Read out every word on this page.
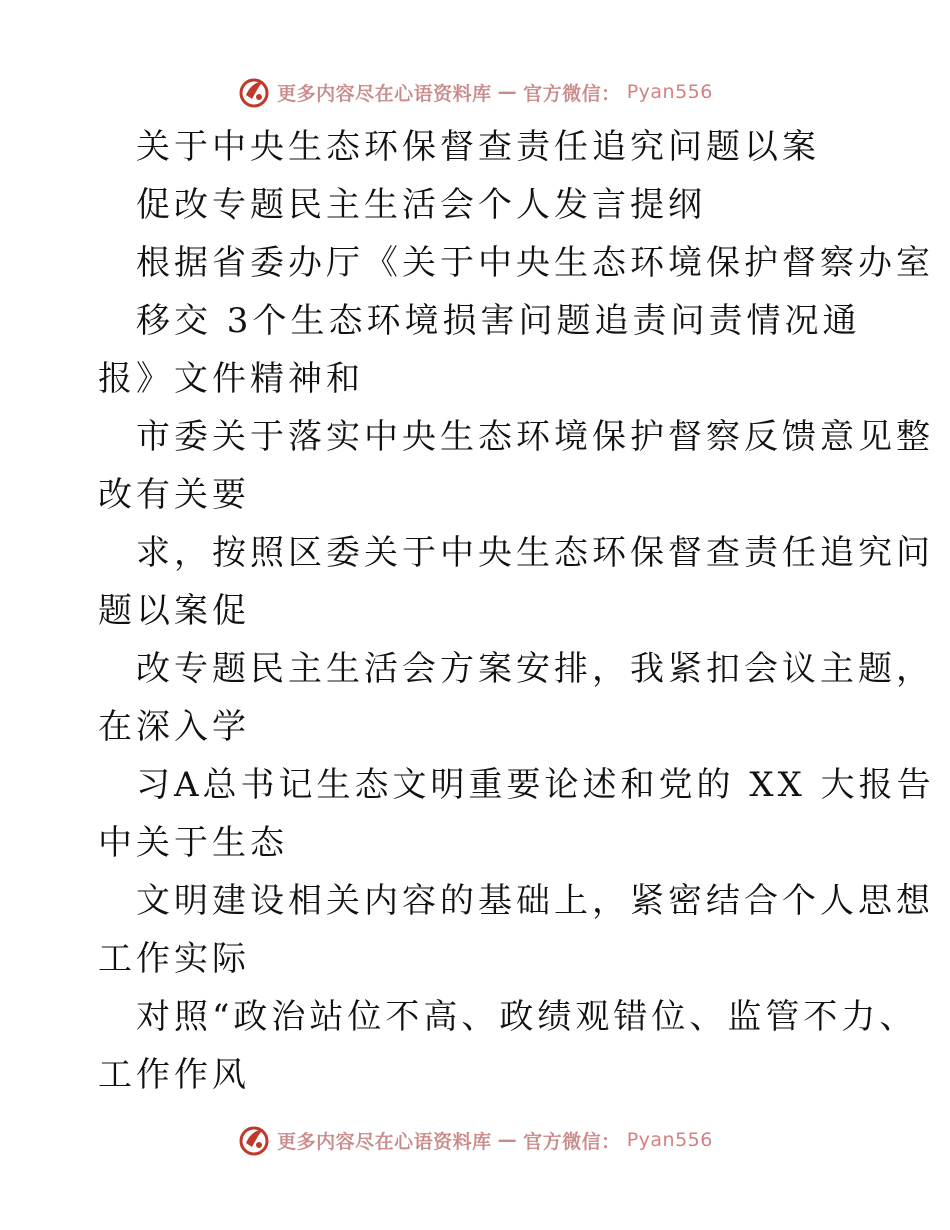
更多内容尽在心语资料库 — 官方微信： Pyan556
关于中央生态环保督查责任追究问题以案
促改专题民主生活会个人发言提纲
根据省委办厅《关于中央生态环境保护督察办室
移交 3个生态环境损害问题追责问责情况通
报》文件精神和
市委关于落实中央生态环境保护督察反馈意见整
改有关要
求，按照区委关于中央生态环保督查责任追究问
题以案促
改专题民主生活会方案安排，我紧扣会议主题，
在深入学
习A总书记生态文明重要论述和党的 XX 大报告
中关于生态
文明建设相关内容的基础上，紧密结合个人思想
工作实际
对照“政治站位不高、政绩观错位、监管不力、
工作作风
更多内容尽在心语资料库 — 官方微信： Pyan556
